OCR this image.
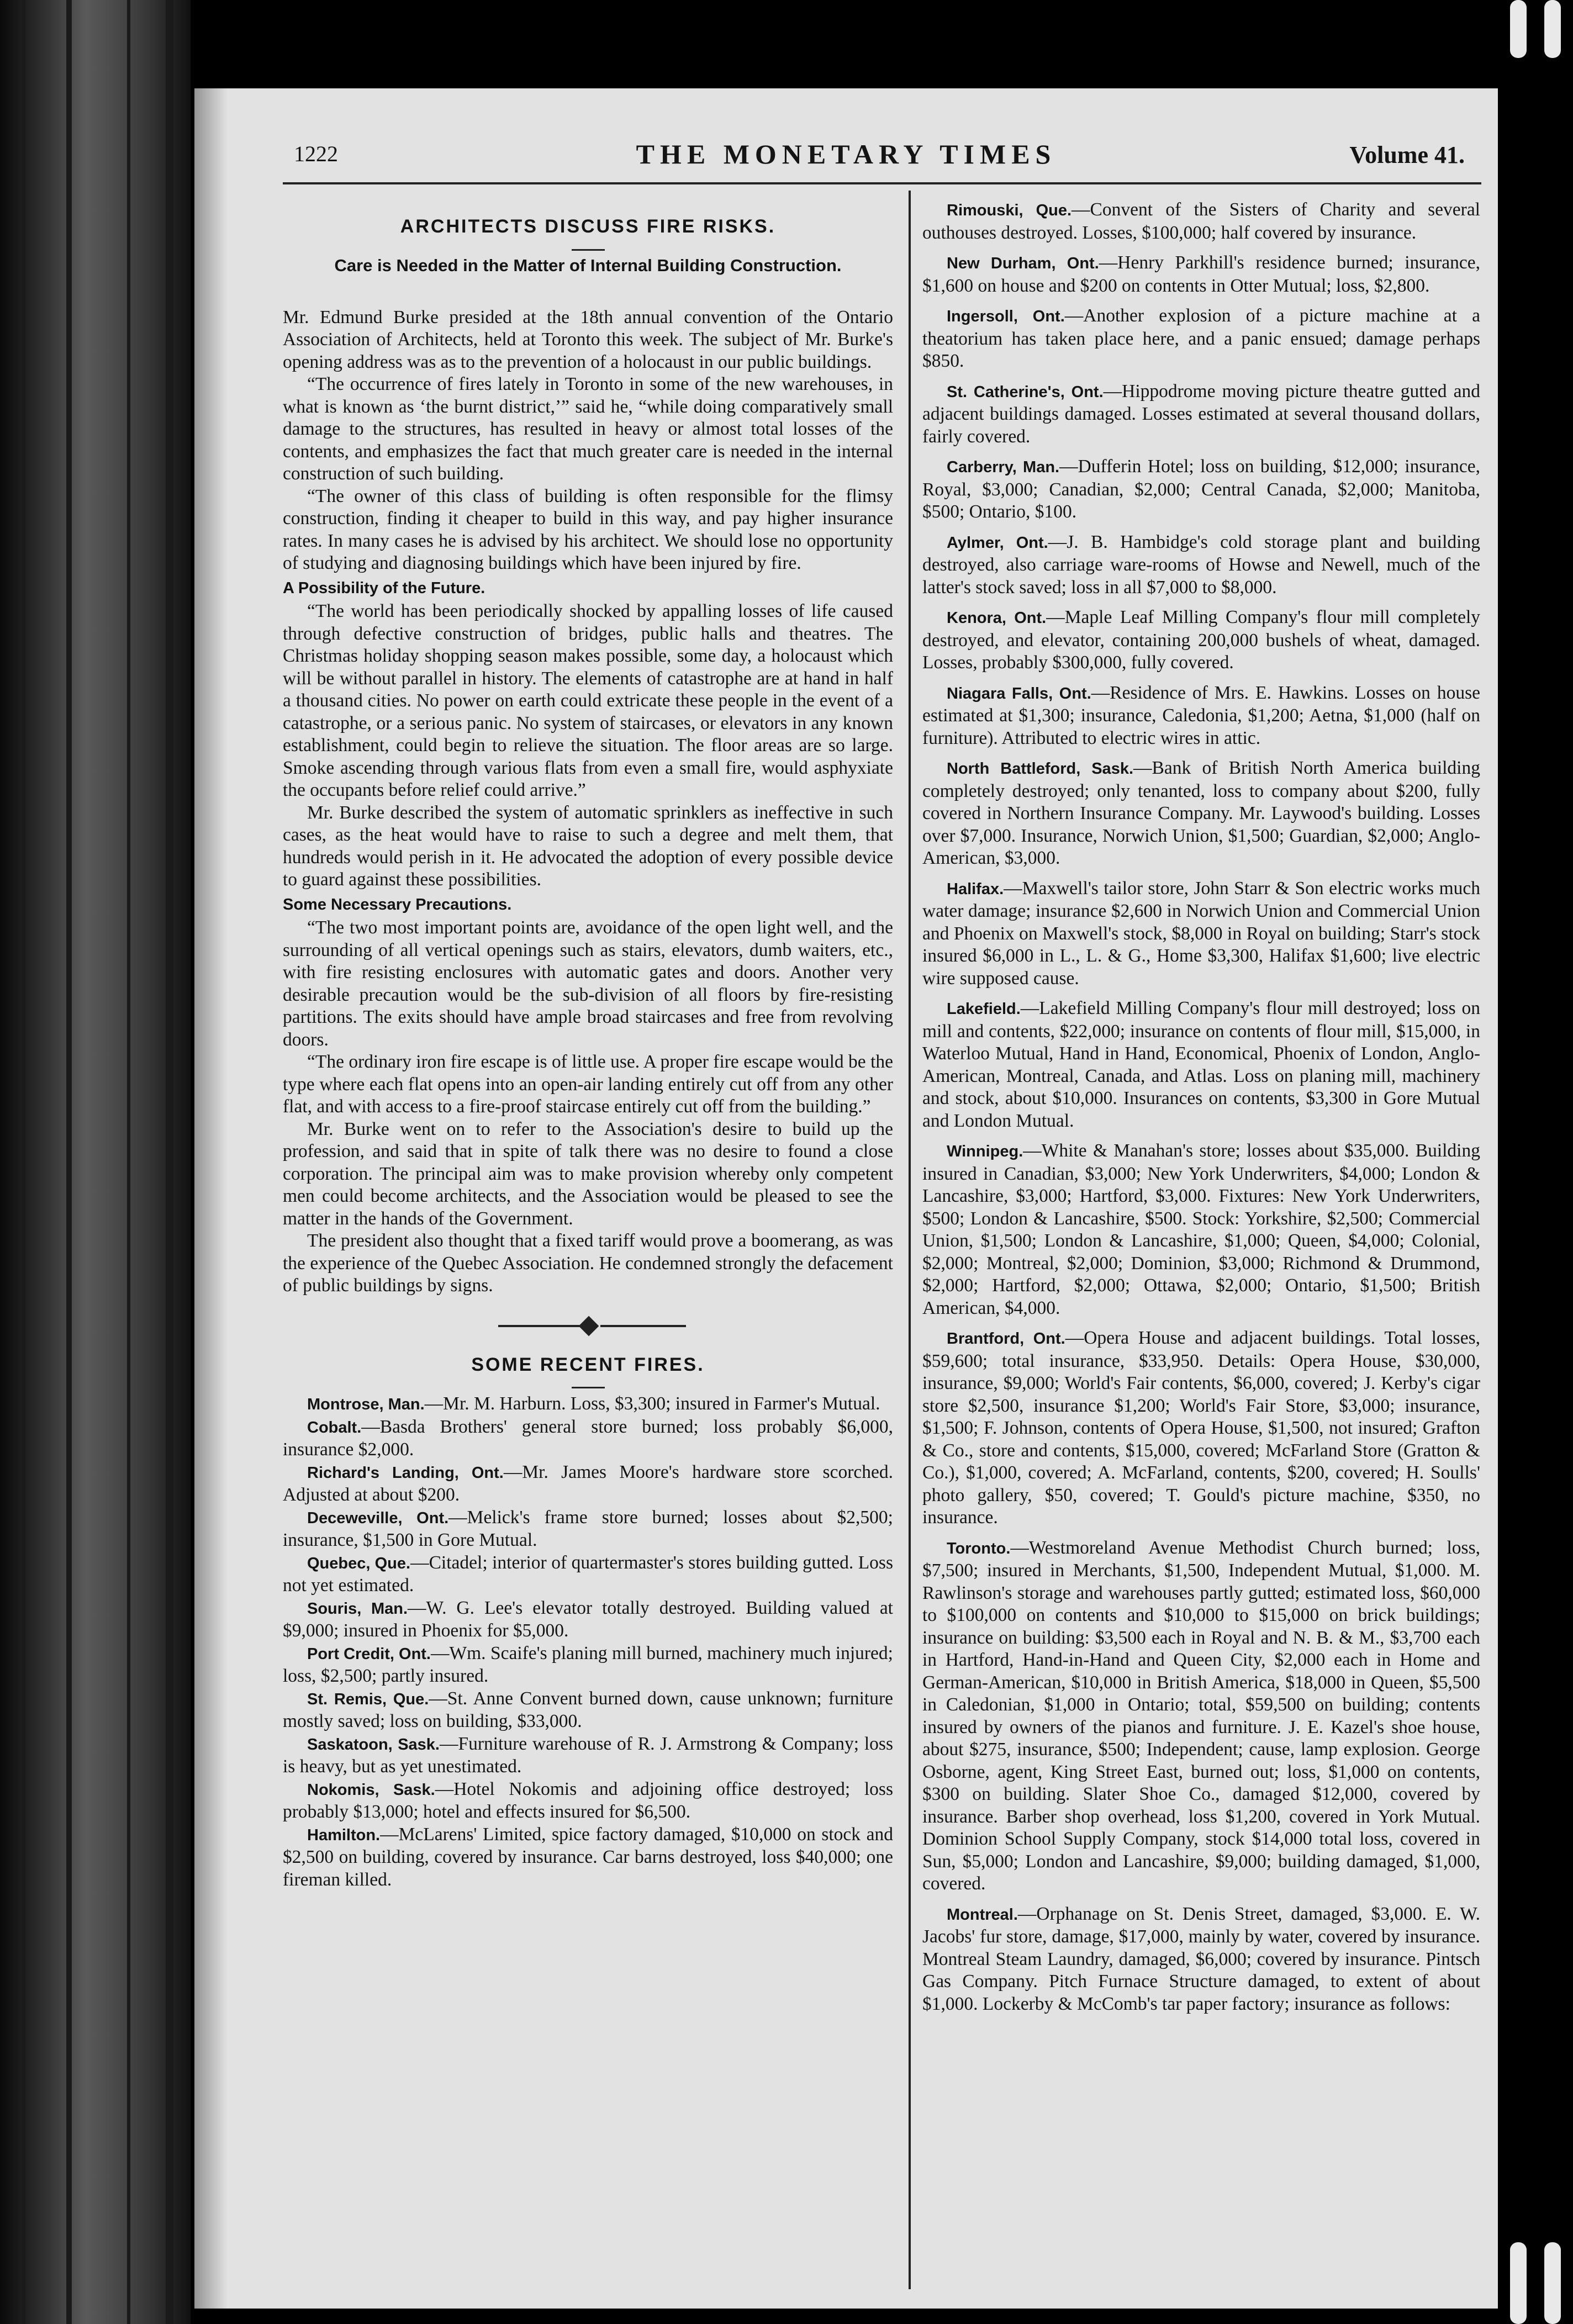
1222	THE MONETARY TIMES	Volume 41.
ARCHITECTS DISCUSS FIRE RISKS.
Care is Needed in the Matter of Internal Building Construction.

Mr. Edmund Burke presided at the 18th annual convention of the Ontario Association of Architects, held at Toronto this week. The subject of Mr. Burke's opening address was as to the prevention of a holocaust in our public buildings.

“The occurrence of fires lately in Toronto in some of the new warehouses, in what is known as ‘the burnt district,’” said he, “while doing comparatively small damage to the structures, has resulted in heavy or almost total losses of the contents, and emphasizes the fact that much greater care is needed in the internal construction of such building.

“The owner of this class of building is often responsible for the flimsy construction, finding it cheaper to build in this way, and pay higher insurance rates. In many cases he is advised by his architect. We should lose no opportunity of studying and diagnosing buildings which have been injured by fire.

A Possibility of the Future.

“The world has been periodically shocked by appalling losses of life caused through defective construction of bridges, public halls and theatres. The Christmas holiday shopping season makes possible, some day, a holocaust which will be without parallel in history. The elements of catastrophe are at hand in half a thousand cities. No power on earth could extricate these people in the event of a catastrophe, or a serious panic. No system of staircases, or elevators in any known establishment, could begin to relieve the situation. The floor areas are so large. Smoke ascending through various flats from even a small fire, would asphyxiate the occupants before relief could arrive.”

Mr. Burke described the system of automatic sprinklers as ineffective in such cases, as the heat would have to raise to such a degree and melt them, that hundreds would perish in it. He advocated the adoption of every possible device to guard against these possibilities.

Some Necessary Precautions.

“The two most important points are, avoidance of the open light well, and the surrounding of all vertical openings such as stairs, elevators, dumb waiters, etc., with fire resisting enclosures with automatic gates and doors. Another very desirable precaution would be the sub-division of all floors by fire-resisting partitions. The exits should have ample broad staircases and free from revolving doors.

“The ordinary iron fire escape is of little use. A proper fire escape would be the type where each flat opens into an open-air landing entirely cut off from any other flat, and with access to a fire-proof staircase entirely cut off from the building.”

Mr. Burke went on to refer to the Association's desire to build up the profession, and said that in spite of talk there was no desire to found a close corporation. The principal aim was to make provision whereby only competent men could become architects, and the Association would be pleased to see the matter in the hands of the Government.

The president also thought that a fixed tariff would prove a boomerang, as was the experience of the Quebec Association. He condemned strongly the defacement of public buildings by signs.

SOME RECENT FIRES.

Montrose, Man.—Mr. M. Harburn. Loss, $3,300; insured in Farmer's Mutual.

Cobalt.—Basda Brothers' general store burned; loss probably $6,000, insurance $2,000.

Richard's Landing, Ont.—Mr. James Moore's hardware store scorched. Adjusted at about $200.

Deceweville, Ont.—Melick's frame store burned; losses about $2,500; insurance, $1,500 in Gore Mutual.

Quebec, Que.—Citadel; interior of quartermaster's stores building gutted. Loss not yet estimated.

Souris, Man.—W. G. Lee's elevator totally destroyed. Building valued at $9,000; insured in Phoenix for $5,000.

Port Credit, Ont.—Wm. Scaife's planing mill burned, machinery much injured; loss, $2,500; partly insured.

St. Remis, Que.—St. Anne Convent burned down, cause unknown; furniture mostly saved; loss on building, $33,000.

Saskatoon, Sask.—Furniture warehouse of R. J. Armstrong & Company; loss is heavy, but as yet unestimated.

Nokomis, Sask.—Hotel Nokomis and adjoining office destroyed; loss probably $13,000; hotel and effects insured for $6,500.

Hamilton.—McLarens' Limited, spice factory damaged, $10,000 on stock and $2,500 on building, covered by insurance. Car barns destroyed, loss $40,000; one fireman killed.

Rimouski, Que.—Convent of the Sisters of Charity and several outhouses destroyed. Losses, $100,000; half covered by insurance.

New Durham, Ont.—Henry Parkhill's residence burned; insurance, $1,600 on house and $200 on contents in Otter Mutual; loss, $2,800.

Ingersoll, Ont.—Another explosion of a picture machine at a theatorium has taken place here, and a panic ensued; damage perhaps $850.

St. Catherine's, Ont.—Hippodrome moving picture theatre gutted and adjacent buildings damaged. Losses estimated at several thousand dollars, fairly covered.

Carberry, Man.—Dufferin Hotel; loss on building, $12,000; insurance, Royal, $3,000; Canadian, $2,000; Central Canada, $2,000; Manitoba, $500; Ontario, $100.

Aylmer, Ont.—J. B. Hambidge's cold storage plant and building destroyed, also carriage ware-rooms of Howse and Newell, much of the latter's stock saved; loss in all $7,000 to $8,000.

Kenora, Ont.—Maple Leaf Milling Company's flour mill completely destroyed, and elevator, containing 200,000 bushels of wheat, damaged. Losses, probably $300,000, fully covered.

Niagara Falls, Ont.—Residence of Mrs. E. Hawkins. Losses on house estimated at $1,300; insurance, Caledonia, $1,200; Aetna, $1,000 (half on furniture). Attributed to electric wires in attic.

North Battleford, Sask.—Bank of British North America building completely destroyed; only tenanted, loss to company about $200, fully covered in Northern Insurance Company. Mr. Laywood's building. Losses over $7,000. Insurance, Norwich Union, $1,500; Guardian, $2,000; Anglo-American, $3,000.

Halifax.—Maxwell's tailor store, John Starr & Son electric works much water damage; insurance $2,600 in Norwich Union and Commercial Union and Phoenix on Maxwell's stock, $8,000 in Royal on building; Starr's stock insured $6,000 in L., L. & G., Home $3,300, Halifax $1,600; live electric wire supposed cause.

Lakefield.—Lakefield Milling Company's flour mill destroyed; loss on mill and contents, $22,000; insurance on contents of flour mill, $15,000, in Waterloo Mutual, Hand in Hand, Economical, Phoenix of London, Anglo-American, Montreal, Canada, and Atlas. Loss on planing mill, machinery and stock, about $10,000. Insurances on contents, $3,300 in Gore Mutual and London Mutual.

Winnipeg.—White & Manahan's store; losses about $35,000. Building insured in Canadian, $3,000; New York Underwriters, $4,000; London & Lancashire, $3,000; Hartford, $3,000. Fixtures: New York Underwriters, $500; London & Lancashire, $500. Stock: Yorkshire, $2,500; Commercial Union, $1,500; London & Lancashire, $1,000; Queen, $4,000; Colonial, $2,000; Montreal, $2,000; Dominion, $3,000; Richmond & Drummond, $2,000; Hartford, $2,000; Ottawa, $2,000; Ontario, $1,500; British American, $4,000.

Brantford, Ont.—Opera House and adjacent buildings. Total losses, $59,600; total insurance, $33,950. Details: Opera House, $30,000, insurance, $9,000; World's Fair contents, $6,000, covered; J. Kerby's cigar store $2,500, insurance $1,200; World's Fair Store, $3,000; insurance, $1,500; F. Johnson, contents of Opera House, $1,500, not insured; Grafton & Co., store and contents, $15,000, covered; McFarland Store (Gratton & Co.), $1,000, covered; A. McFarland, contents, $200, covered; H. Soulls' photo gallery, $50, covered; T. Gould's picture machine, $350, no insurance.

Toronto.—Westmoreland Avenue Methodist Church burned; loss, $7,500; insured in Merchants, $1,500, Independent Mutual, $1,000. M. Rawlinson's storage and warehouses partly gutted; estimated loss, $60,000 to $100,000 on contents and $10,000 to $15,000 on brick buildings; insurance on building: $3,500 each in Royal and N. B. & M., $3,700 each in Hartford, Hand-in-Hand and Queen City, $2,000 each in Home and German-American, $10,000 in British America, $18,000 in Queen, $5,500 in Caledonian, $1,000 in Ontario; total, $59,500 on building; contents insured by owners of the pianos and furniture. J. E. Kazel's shoe house, about $275, insurance, $500; Independent; cause, lamp explosion. George Osborne, agent, King Street East, burned out; loss, $1,000 on contents, $300 on building. Slater Shoe Co., damaged $12,000, covered by insurance. Barber shop overhead, loss $1,200, covered in York Mutual. Dominion School Supply Company, stock $14,000 total loss, covered in Sun, $5,000; London and Lancashire, $9,000; building damaged, $1,000, covered.

Montreal.—Orphanage on St. Denis Street, damaged, $3,000. E. W. Jacobs' fur store, damage, $17,000, mainly by water, covered by insurance. Montreal Steam Laundry, damaged, $6,000; covered by insurance. Pintsch Gas Company. Pitch Furnace Structure damaged, to extent of about $1,000. Lockerby & McComb's tar paper factory; insurance as follows:
